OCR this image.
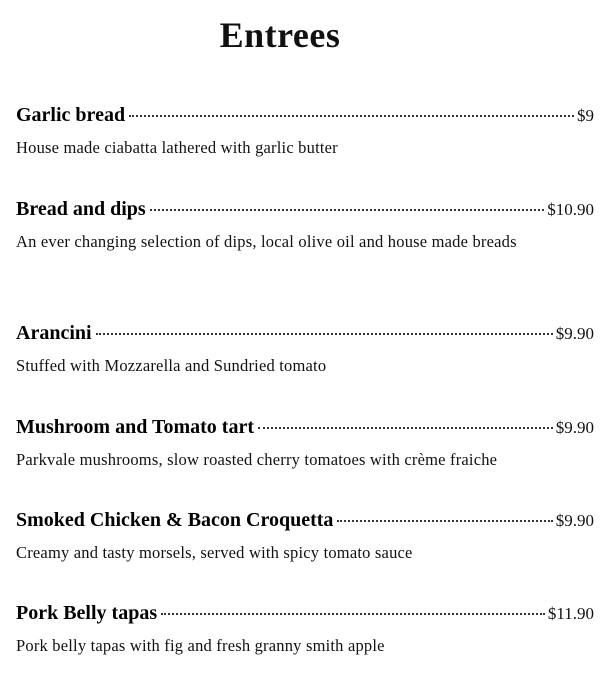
Entrees
Garlic bread	$9
House made ciabatta lathered with garlic butter
Bread and dips	$10.90
An ever changing selection of dips, local olive oil and house made breads
Arancini	$9.90
Stuffed with Mozzarella and Sundried tomato
Mushroom and Tomato tart	$9.90
Parkvale mushrooms, slow roasted cherry tomatoes with crème fraiche
Smoked Chicken & Bacon Croquetta	$9.90
Creamy and tasty morsels, served with spicy tomato sauce
Pork Belly tapas	$11.90
Pork belly tapas with fig and fresh granny smith apple
